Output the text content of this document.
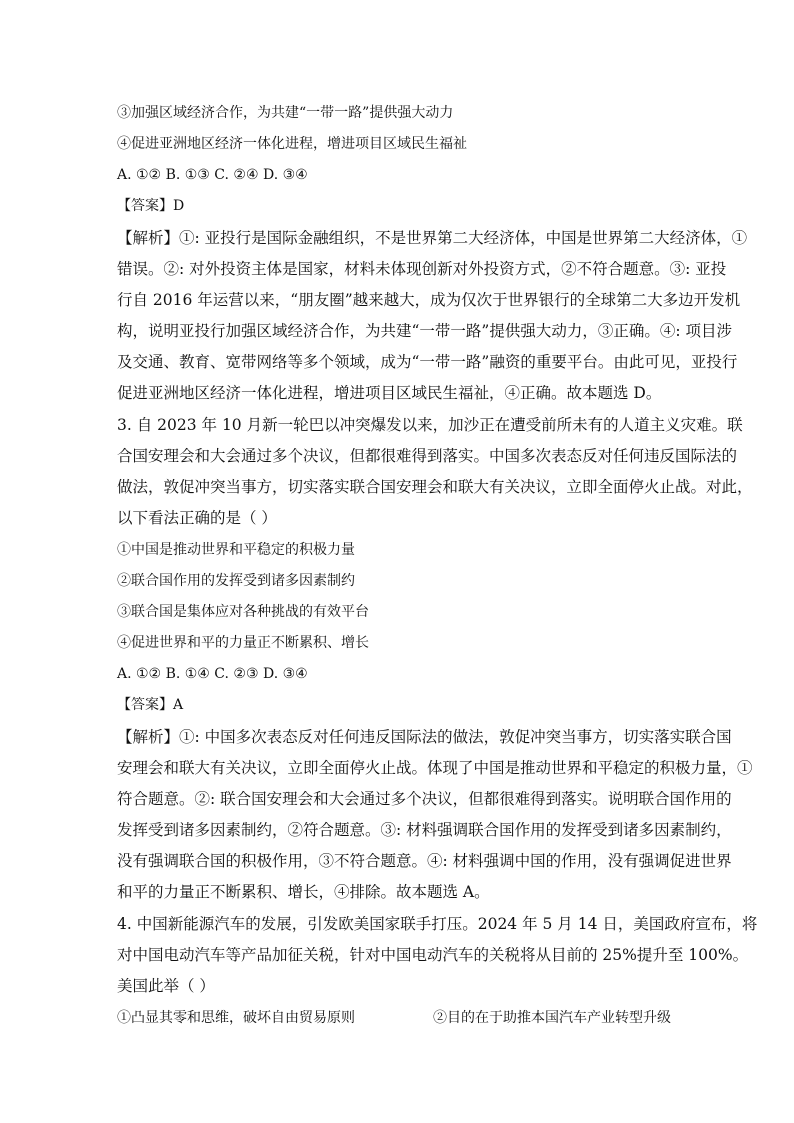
③加强区域经济合作，为共建“一带一路”提供强大动力
④促进亚洲地区经济一体化进程，增进项目区域民生福祉
A. ①② B. ①③ C. ②④ D. ③④
【答案】D
【解析】①: 亚投行是国际金融组织，不是世界第二大经济体，中国是世界第二大经济体，①
错误。②: 对外投资主体是国家，材料未体现创新对外投资方式，②不符合题意。③: 亚投
行自 2016 年运营以来，“朋友圈”越来越大，成为仅次于世界银行的全球第二大多边开发机
构，说明亚投行加强区域经济合作，为共建“一带一路”提供强大动力，③正确。④: 项目涉
及交通、教育、宽带网络等多个领域，成为“一带一路”融资的重要平台。由此可见，亚投行
促进亚洲地区经济一体化进程，增进项目区域民生福祉，④正确。故本题选 D。
3. 自 2023 年 10 月新一轮巴以冲突爆发以来，加沙正在遭受前所未有的人道主义灾难。联
合国安理会和大会通过多个决议，但都很难得到落实。中国多次表态反对任何违反国际法的
做法，敦促冲突当事方，切实落实联合国安理会和联大有关决议，立即全面停火止战。对此，
以下看法正确的是（ ）
①中国是推动世界和平稳定的积极力量
②联合国作用的发挥受到诸多因素制约
③联合国是集体应对各种挑战的有效平台
④促进世界和平的力量正不断累积、增长
A. ①② B. ①④ C. ②③ D. ③④
【答案】A
【解析】①: 中国多次表态反对任何违反国际法的做法，敦促冲突当事方，切实落实联合国
安理会和联大有关决议，立即全面停火止战。体现了中国是推动世界和平稳定的积极力量，①
符合题意。②: 联合国安理会和大会通过多个决议，但都很难得到落实。说明联合国作用的
发挥受到诸多因素制约，②符合题意。③: 材料强调联合国作用的发挥受到诸多因素制约，
没有强调联合国的积极作用，③不符合题意。④: 材料强调中国的作用，没有强调促进世界
和平的力量正不断累积、增长，④排除。故本题选 A。
4. 中国新能源汽车的发展，引发欧美国家联手打压。2024 年 5 月 14 日，美国政府宣布，将
对中国电动汽车等产品加征关税，针对中国电动汽车的关税将从目前的 25%提升至 100%。
美国此举（ ）
①凸显其零和思维，破坏自由贸易原则	②目的在于助推本国汽车产业转型升级
